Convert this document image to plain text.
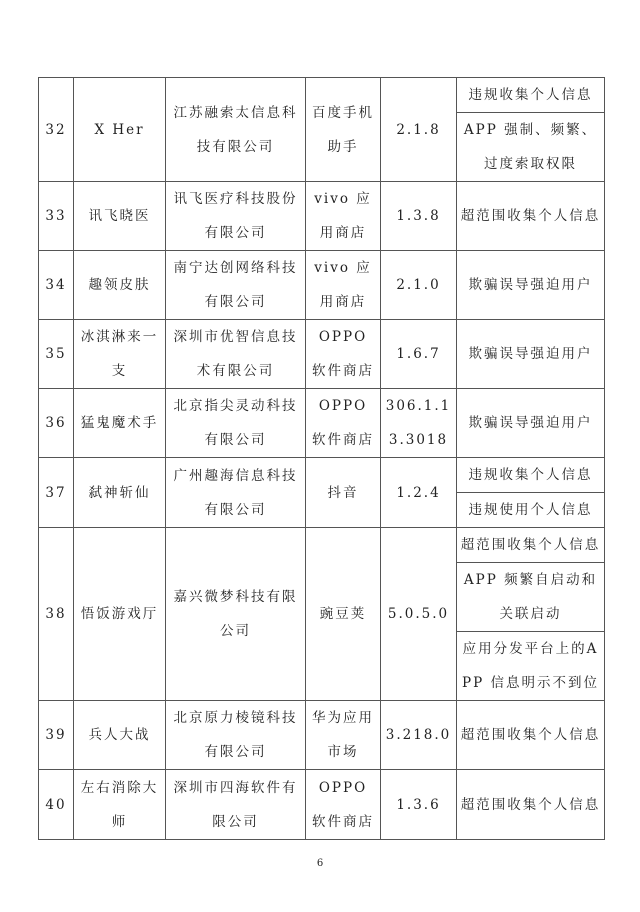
32	X Her	江苏融索太信息科技有限公司	百度手机助手	2.1.8	违规收集个人信息
					APP 强制、频繁、过度索取权限
33	讯飞晓医	讯飞医疗科技股份有限公司	vivo 应用商店	1.3.8	超范围收集个人信息
34	趣领皮肤	南宁达创网络科技有限公司	vivo 应用商店	2.1.0	欺骗误导强迫用户
35	冰淇淋来一支	深圳市优智信息技术有限公司	OPPO 软件商店	1.6.7	欺骗误导强迫用户
36	猛鬼魔术手	北京指尖灵动科技有限公司	OPPO 软件商店	306.1.13.3018	欺骗误导强迫用户
37	弑神斩仙	广州趣海信息科技有限公司	抖音	1.2.4	违规收集个人信息
					违规使用个人信息
38	悟饭游戏厅	嘉兴微梦科技有限公司	豌豆荚	5.0.5.0	超范围收集个人信息
					APP 频繁自启动和关联启动
					应用分发平台上的APP 信息明示不到位
39	兵人大战	北京原力棱镜科技有限公司	华为应用市场	3.218.0	超范围收集个人信息
40	左右消除大师	深圳市四海软件有限公司	OPPO 软件商店	1.3.6	超范围收集个人信息
6
